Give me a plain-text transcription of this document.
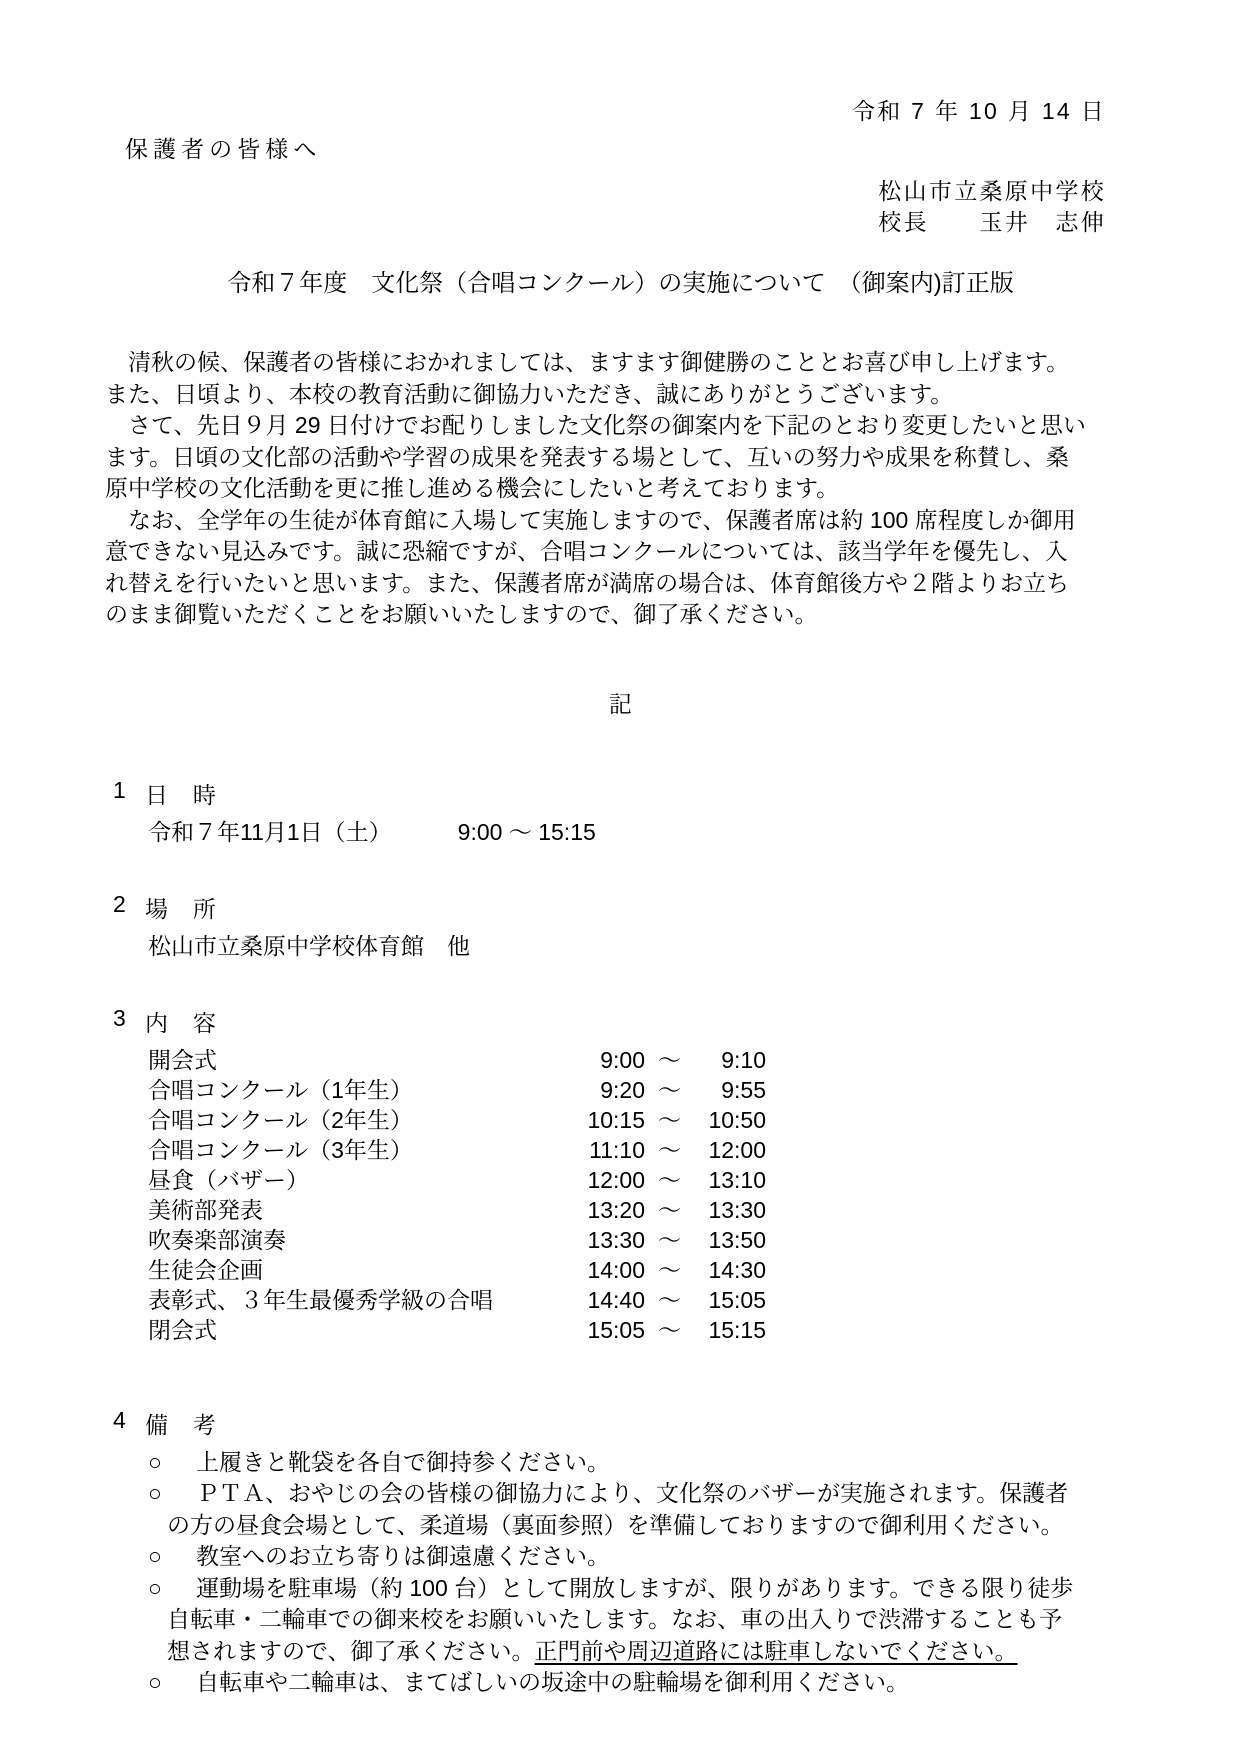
令和 7 年 10 月 14 日
保護者の皆様へ
松山市立桑原中学校
校長　　玉井　志伸
令和７年度　文化祭（合唱コンクール）の実施について　（御案内)訂正版
　清秋の候、保護者の皆様におかれましては、ますます御健勝のこととお喜び申し上げます。
また、日頃より、本校の教育活動に御協力いただき、誠にありがとうございます。
　さて、先日９月 29 日付けでお配りしました文化祭の御案内を下記のとおり変更したいと思い
ます。日頃の文化部の活動や学習の成果を発表する場として、互いの努力や成果を称賛し、桑
原中学校の文化活動を更に推し進める機会にしたいと考えております。
　なお、全学年の生徒が体育館に入場して実施しますので、保護者席は約 100 席程度しか御用
意できない見込みです。誠に恐縮ですが、合唱コンクールについては、該当学年を優先し、入
れ替えを行いたいと思います。また、保護者席が満席の場合は、体育館後方や２階よりお立ち
のまま御覧いただくことをお願いいたしますので、御了承ください。
記
1 日　時
令和７年11月1日（土）	9:00 ～ 15:15
2 場　所
松山市立桑原中学校体育館　他
3 内　容
開会式	9:00 ～	9:10
合唱コンクール（1年生）	9:20 ～	9:55
合唱コンクール（2年生）	10:15 ～	10:50
合唱コンクール（3年生）	11:10 ～	12:00
昼食（バザー）	12:00 ～	13:10
美術部発表	13:20 ～	13:30
吹奏楽部演奏	13:30 ～	13:50
生徒会企画	14:00 ～	14:30
表彰式、３年生最優秀学級の合唱	14:40 ～	15:05
閉会式	15:05 ～	15:15
4 備　考
○	上履きと靴袋を各自で御持参ください。
○	ＰＴＡ、おやじの会の皆様の御協力により、文化祭のバザーが実施されます。保護者
の方の昼食会場として、柔道場（裏面参照）を準備しておりますので御利用ください。
○	教室へのお立ち寄りは御遠慮ください。
○	運動場を駐車場（約 100 台）として開放しますが、限りがあります。できる限り徒歩
自転車・二輪車での御来校をお願いいたします。なお、車の出入りで渋滞することも予
想されますので、御了承ください。正門前や周辺道路には駐車しないでください。
○	自転車や二輪車は、まてばしいの坂途中の駐輪場を御利用ください。
